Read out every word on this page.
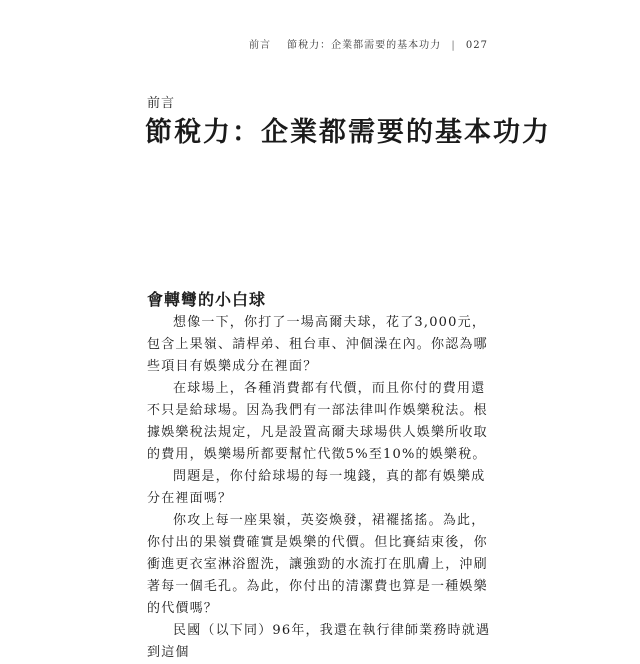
前言 節稅力：企業都需要的基本功力 | 027
前言
節稅力：企業都需要的基本功力
會轉彎的小白球

想像一下，你打了一場高爾夫球，花了3,000元，包含上果嶺、請桿弟、租台車、沖個澡在內。你認為哪些項目有娛樂成分在裡面？

在球場上，各種消費都有代價，而且你付的費用還不只是給球場。因為我們有一部法律叫作娛樂稅法。根據娛樂稅法規定，凡是設置高爾夫球場供人娛樂所收取的費用，娛樂場所都要幫忙代徵5%至10%的娛樂稅。

問題是，你付給球場的每一塊錢，真的都有娛樂成分在裡面嗎？

你攻上每一座果嶺，英姿煥發，裙襬搖搖。為此，你付出的果嶺費確實是娛樂的代價。但比賽結束後，你衝進更衣室淋浴盥洗，讓強勁的水流打在肌膚上，沖刷著每一個毛孔。為此，你付出的清潔費也算是一種娛樂的代價嗎？

民國（以下同）96年，我還在執行律師業務時就遇到這個
